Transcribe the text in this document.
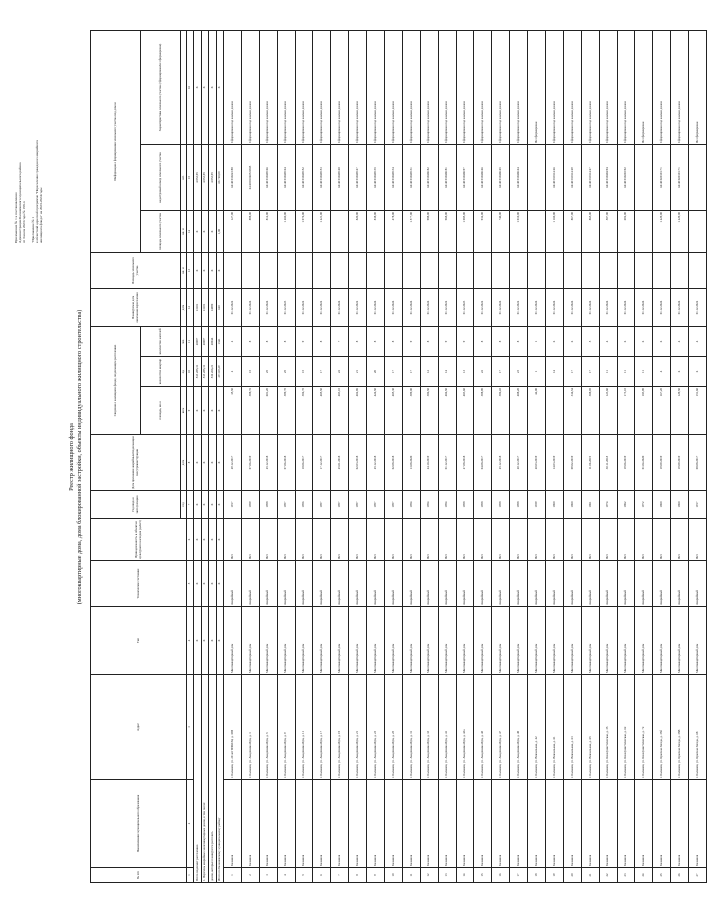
Приложение № 1 к постановлению Администрации Балашовского муниципального района от 3 июля 2023 года № 199-п "Приложение № 1 к областной адресной программе "Переселение граждан из аварийного жилищного фонда" на 2023-2024 годы
Реестр жилищного фонда (многоквартирные дома, дома блокированной застройки, объекты индивидуального жилищного строительства)
№ п/п	Наименование муниципального образования	Адрес	Тип	Техническое состояние	Принадлежность к объектам культурного наследия (да/нет)	Год ввода в эксплуатацию	Дата признания аварийным/подлежащим сносу/реконструкции	Сведения о жилищном фонде, подлежащем расселению			Планируемая дата окончания переселения	Площадь земельного участка	Информация о формировании земельного участка под домом			
								площадь, кв.м	количество квартир	количество жителей			площадь земельного участка	кадастровый номер земельного участка	Характеристика земельного участка (сформирован/не сформирован)	
						год	дата	кв.м	ед.	чел.	дата	кв. м	кв. м	шт.		
1	2	3	4	5	6	7	8	9	10	11	12	13	14	15	16	
Всего подлежит расселению			X	X	X	X	X	X	533 285,31	20097	13101	X	X	4 053,95	X	
1. Перечень аварийных многоквартирных домов, в том числе:			X	X	X	X	X	X	533 285,31	20097	13101	X	X	4 053,95	X	
домов, которые планируется расселить			X	X	X	X	X	X	536 266,21	20044	14090	X	X	4 053,95	X	
Итого по Балашовскому муниципальному району			X	X	X	X	X	X	29 319,29	1341	620	X	1,00	66 720,00	X	
1	Балашов	г. Балашов, ул. 20 лет ВЛКСМ, д. 35В	Многоквартирный дом	Аварийный	Нет	1917	29.12.2017	35,50	2	2	01.12.2022		127,00	64:40:010223:88	Сформирован под жилым домом	
2	Балашов	г. Балашов, ул. Академика Жук, д. 3	Многоквартирный дом	Аварийный	Нет	1959	07.06.2019	398,76	15	8	01.12.2024		898,00	64:40:010405:8385	Сформирован под жилым домом	
3	Балашов	г. Балашов, ул. Академика Жук, д. 5	Многоквартирный дом	Аварийный	Нет	1958	25.12.2018	601,20	25	8	01.12.2024		812,00	64:40:010405:66	Сформирован под жилым домом	
4	Балашов	г. Балашов, ул. Академика Жук, д. 9	Многоквартирный дом	Аварийный	Нет	1957	07.06.2018	399,70	25	8	01.12.2023		1 260,00	64:40:010405:64	Сформирован под жилым домом	
5	Балашов	г. Балашов, ул. Академика Жук, д. 11	Многоквартирный дом	Аварийный	Нет	1956	18.06.2017	394,70	15	9	01.12.2022		1 076,00	64:40:010405:52	Сформирован под жилым домом	
6	Балашов	г. Балашов, ул. Академика Жук, д. 17	Многоквартирный дом	Аварийный	Нет	1957	17.12.2017	405,50	17	8	01.12.2022		1 221,00	64:40:010405:53	Сформирован под жилым домом	
7	Балашов	г. Балашов, ул. Академика Жук, д. 19	Многоквартирный дом	Аварийный	Нет	1957	25.01.2018	403,10	22	7	01.12.2024			64:40:010405:48	Сформирован под жилым домом	
8	Балашов	г. Балашов, ул. Академика Жук, д. 21	Многоквартирный дом	Аварийный	Нет	1957	02.03.2018	402,96	21	8	01.12.2022		820,00	64:40:010405:47	Сформирован под жилым домом	
9	Балашов	г. Балашов, ул. Академика Жук, д. 23	Многоквартирный дом	Аварийный	Нет	1957	25.12.2018	424,50	20	8	01.12.2024		838,00	64:40:010405:35	Сформирован под жилым домом	
10	Балашов	г. Балашов, ул. Академика Жук, д. 25	Многоквартирный дом	Аварийный	Нет	1957	02.08.2018	405,30	17	8	01.12.2024		478,00	64:40:010405:34	Сформирован под жилым домом	
11	Балашов	г. Балашов, ул. Академика Жук, д. 31	Многоквартирный дом	Аварийный	Нет	1954	13.08.2020	399,00	17	9	01.12.2024		1 577,00	64:40:010405:31	Сформирован под жилым домом	
12	Балашов	г. Балашов, ул. Академика Жук, д. 33	Многоквартирный дом	Аварийный	Нет	1954	24.10.2019	396,50	12	8	01.12.2024		988,00	64:40:010406:82	Сформирован под жилым домом	
13	Балашов	г. Балашов, ул. Академика Жук, д. 41	Многоквартирный дом	Аварийный	Нет	1954	01.12.2017	404,50	14	9	01.12.2022		968,00	64:40:010406:81	Сформирован под жилым домом	
14	Балашов	г. Балашов, ул. Академика Жук, д. 43а	Многоквартирный дом	Аварийный	Нет	1958	27.08.2018	403,60	13	9	01.12.2023		1 085,00	64:40:010406:97	Сформирован под жилым домом	
15	Балашов	г. Балашов, ул. Академика Жук, д. 45	Многоквартирный дом	Аварийный	Нет	1958	04.08.2017	398,90	22	8	01.12.2022		932,00	64:40:010406:46	Сформирован под жилым домом	
16	Балашов	г. Балашов, ул. Академика Жук, д. 47	Многоквартирный дом	Аварийный	Нет	1958	25.12.2018	396,45	17	8	01.12.2024		740,00	64:40:010406:45	Сформирован под жилым домом	
17	Балашов	г. Балашов, ул. Академика Жук, д. 49	Многоквартирный дом	Аварийный	Нет	1958	20.12.2017	408,20	23	8	01.12.2022		1 010,00	64:40:010406:44	Сформирован под жилым домом	
18	Балашов	г. Балашов, ул. Вокзальная, д. 42	Многоквартирный дом	Аварийный	Нет	1939	20.03.2019	42,00	1	1	01.12.2024				Не сформирован	
19	Балашов	г. Балашов, ул. Вокзальная, д. 61	Многоквартирный дом	Аварийный	Нет	1960	14.03.2019		14	6	01.12.2024		1 160,00	64:40:010114:26	Сформирован под жилым домом	
20	Балашов	г. Балашов, ул. Вокзальная, д. 63	Многоквартирный дом	Аварийный	Нет	1960	09.02.2019	334,54	17	6	01.12.2024		867,00	64:40:010114:29	Сформирован под жилым домом	
21	Балашов	г. Балашов, ул. Вокзальная, д. 65	Многоквартирный дом	Аварийный	Нет	1961	11.06.2019	308,05	17	5	01.12.2024		865,00	64:40:010114:27	Сформирован под жилым домом	
22	Балашов	г. Балашов, ул. Коммунистическая, д. 35	Многоквартирный дом	Аварийный	Нет	1974	30.11.2018	123,60	11	4	01.12.2024		587,00	64:40:010404:94	Сформирован под жилым домом	
23	Балашов	г. Балашов, ул. Коммунистическая, д. 62	Многоквартирный дом	Аварийный	Нет	1962	19.06.2019	173,10	11	6	01.12.2024		692,00	64:40:010203:92	Сформирован под жилым домом	
24	Балашов	г. Балашов, ул. Коммунистическая, д. 72	Многоквартирный дом	Аварийный	Нет	1972	01.04.2020	183,90	11	6	01.12.2024				Не сформирован	
25	Балашов	г. Балашов, ул. Красная Звезда, д. 35б	Многоквартирный дом	Аварийный	Нет	1960	19.09.2019	167,20	4	6	01.12.2024		1 229,00	64:40:020101:71	Сформирован под жилым домом	
26	Балашов	г. Балашов, ул. Красная Звезда, д. 35В	Многоквартирный дом	Аварийный	Нет	1960	19.09.2019	129,50	6	4	01.12.2024		1 229,00	64:40:020101:71	Сформирован под жилым домом	
27	Балашов	г. Балашов, ул. Красная Звезда, д. 68	Многоквартирный дом	Аварийный	Нет	1917	08.08.2017	151,60	6	4	01.12.2022				Не сформирован	
